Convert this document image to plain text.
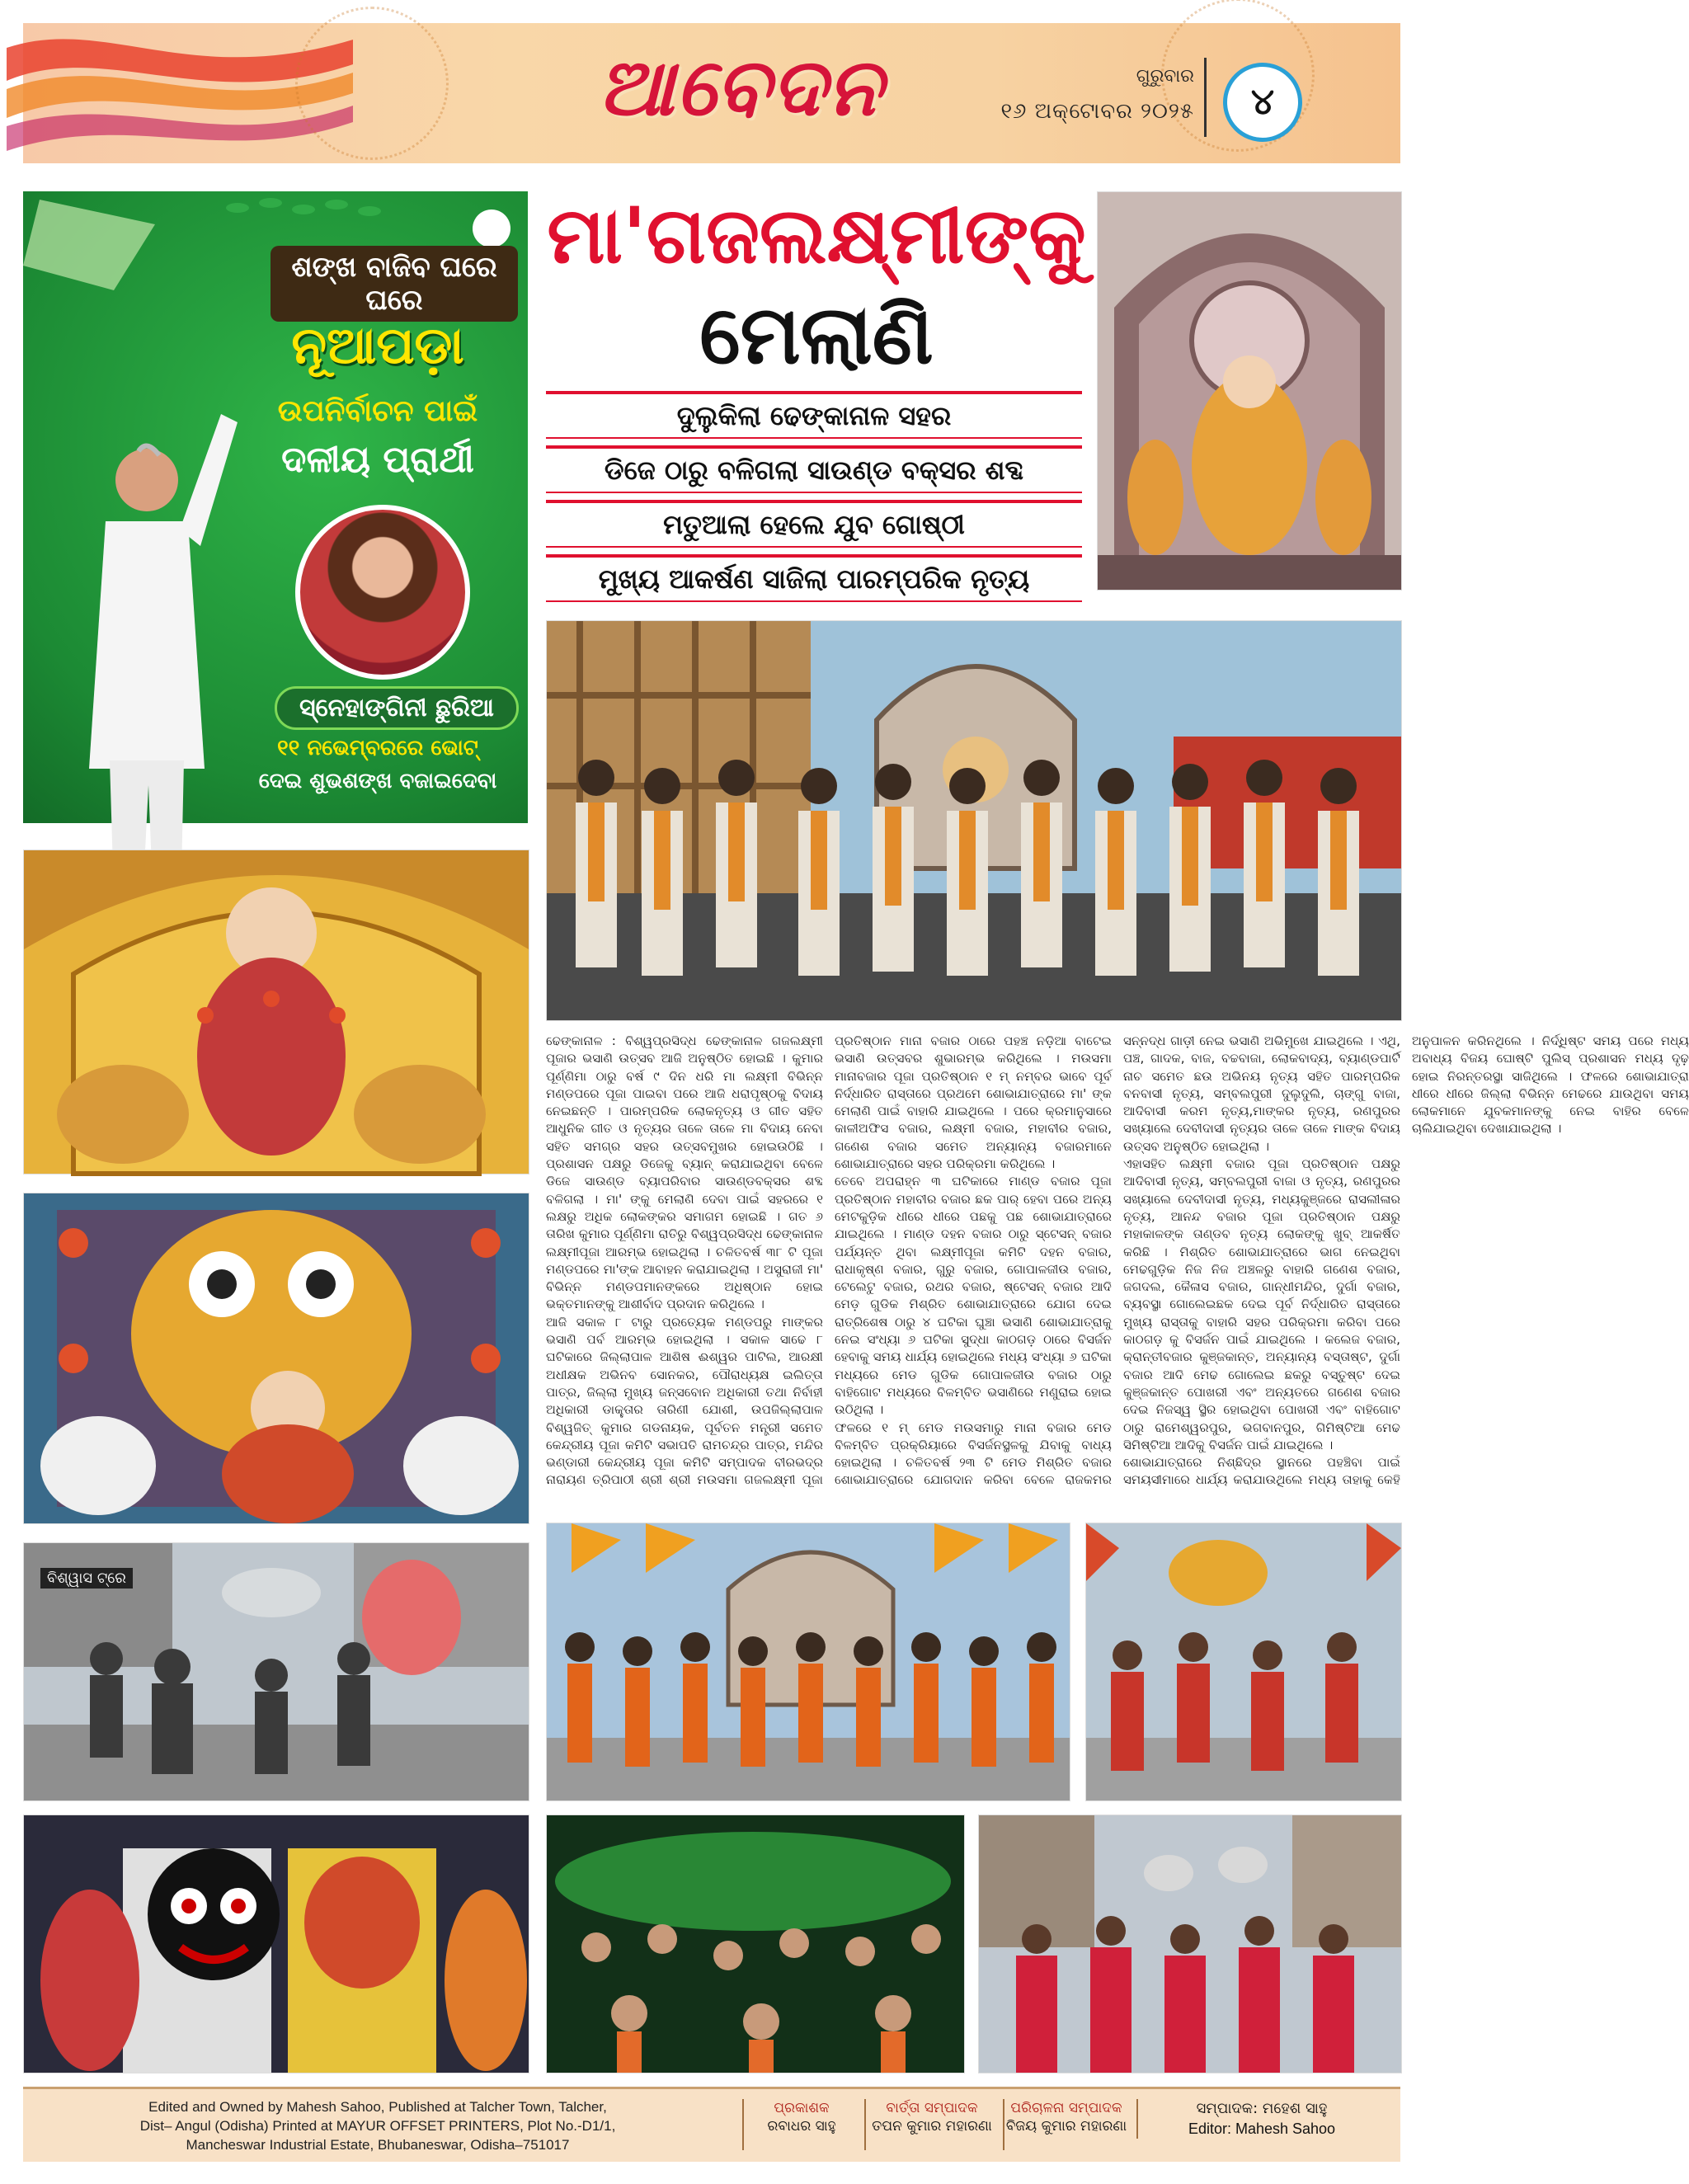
ଆବେଦନ	ଗୁରୁବାର
୧୬ ଅକ୍ଟୋବର ୨୦୨୫	୪
ଶଙ୍ଖ ବାଜିବ ଘରେ ଘରେ
ନୂଆପଡ଼ା
ଉପନିର୍ବାଚନ ପାଇଁ
ଦଳୀୟ ପ୍ରାର୍ଥୀ
ସ୍ନେହାଙ୍ଗିନୀ ଛୁରିଆ
୧୧ ନଭେମ୍ବରରେ ଭୋଟ୍
ଦେଇ ଶୁଭଶଙ୍ଖ ବଜାଇଦେବା
ମା'ଗଜଲକ୍ଷ୍ମୀଙ୍କୁ
ମେଲାଣି
ଦୁଲୁକିଲା ଢେଙ୍କାନାଳ ସହର
ଡିଜେ ଠାରୁ ବଳିଗଲା ସାଉଣ୍ଡ ବକ୍ସର ଶବ୍ଦ
ମତୁଆଲା ହେଲେ ଯୁବ ଗୋଷ୍ଠୀ
ମୁଖ୍ୟ ଆକର୍ଷଣ ସାଜିଲା ପାରମ୍ପରିକ ନୃତ୍ୟ
ବିଶ୍ୱାସ ଟ୍ରେ

ଢେଙ୍କାନାଳ : ବିଶ୍ୱପ୍ରସିଦ୍ଧ ଢେଙ୍କାନାଳ ଗଜଲକ୍ଷ୍ମୀ ପୂଜାର ଭସାଣି ଉତ୍ସବ ଆଜି ଅନୁଷ୍ଠିତ ହୋଇଛି । କୁମାର ପୂର୍ଣ୍ଣିମା ଠାରୁ ବର୍ଷ ୯ ଦିନ ଧରି ମା ଲକ୍ଷ୍ମୀ ବିଭିନ୍ନ ମଣ୍ଡପରେ ପୂଜା ପାଇବା ପରେ ଆଜି ଧରାପୃଷ୍ଠକୁ ବିଦାୟ ନେଇଛନ୍ତି । ପାରମ୍ପରିକ ଲୋକନୃତ୍ୟ ଓ ଗୀତ ସହିତ ଆଧୁନିକ ଗୀତ ଓ ନୃତ୍ୟର ତାଳେ ତାଳେ ମା ବିଦାୟ ନେବା ସହିତ ସମଗ୍ର ସହର ଉତ୍ସବମୁଖର ହୋଇଉଠିଛି । ପ୍ରଶାସନ ପକ୍ଷରୁ ଡିଜେକୁ ବ୍ୟାନ୍ କରାଯାଇଥିବା ବେଳେ ଡିଜେ ସାଉଣ୍ଡ ବ୍ୟାପରିବାର ସାଉଣ୍ଡବକ୍ସର ଶବ୍ଦ ବଳିଗଲା । ମା' ଙ୍କୁ ମେଲାଣି ଦେବା ପାଇଁ ସହରରେ ୧ ଲକ୍ଷରୁ ଅଧିକ ଲୋକଙ୍କର ସମାଗମ ହୋଇଛି । ଗତ ୬ ତାରିଖ କୁମାର ପୂର୍ଣ୍ଣିମା ରାତିରୁ ବିଶ୍ୱପ୍ରସିଦ୍ଧ ଢେଙ୍କାନାଳ ଲକ୍ଷ୍ମୀପୂଜା ଆରମ୍ଭ ହୋଇଥିଲା । ଚଳିତବର୍ଷ ୩୮ ଟି ପୂଜା ମଣ୍ଡପରେ ମା'ଙ୍କ ଆବାହନ କରାଯାଇଥିଲା । ଅସୁରାଜୀ ମା' ବିଭିନ୍ନ ମଣ୍ଡପମାନଙ୍କରେ ଅଧିଷ୍ଠାନ ହୋଇ ଭକ୍ତମାନଙ୍କୁ ଆଶୀର୍ବାଦ ପ୍ରଦାନ କରିଥିଲେ ।

ଆଜି ସକାଳ ୮ ଟାରୁ ପ୍ରତ୍ୟେକ ମଣ୍ଡପରୁ ମାଙ୍କର ଭସାଣି ପର୍ବ ଆରମ୍ଭ ହୋଇଥିଲା । ସକାଳ ସାଢେ ୮ ଘଟିକାରେ ଜିଲ୍ଲାପାଳ ଆଶିଷ ଈଶ୍ୱର ପାଟିଲ, ଆରକ୍ଷୀ ଅଧୀକ୍ଷକ ଅଭିନବ ସୋନକର, ପୌରାଧ୍ୟକ୍ଷ ଇଲିତ୍ତା ପାତ୍ର, ଜିଲ୍ଲା ମୁଖ୍ୟ ଜନ୍ସବୋନ ଅଧିକାରୀ ତଥା ନିର୍ବାହୀ ଅଧିକାରୀ ଡାକ୍ତ୍ତାର ତାରିଣୀ ଯୋଶୀ, ଉପଜିଲ୍ଲାପାଳ ବିଶ୍ୱଜିତ୍ କୁମାର ଗଡନାୟକ, ପୂର୍ବତନ ମନ୍ତ୍ରୀ ସମେତ କେନ୍ଦ୍ରୀୟ ପୂଜା କମିଟି ସଭାପତି ରାମଚନ୍ଦ୍ର ପାତ୍ର, ମନ୍ଦିର ଭଣ୍ଡାରୀ କେନ୍ଦ୍ରୀୟ ପୂଜା କମିଟି ସମ୍ପାଦକ ବୀରଭଦ୍ର ନାରାୟଣ ତ୍ରିପାଠୀ ଶ୍ରୀ ଶ୍ରୀ ମଉସମା ଗଜଲକ୍ଷ୍ମୀ ପୂଜା ପ୍ରତିଷ୍ଠାନ ମାନା ବଜାର ଠାରେ ପହଞ୍ଚ ନଡ଼ିଆ ବାଟେଇ ଭସାଣି ଉତ୍ସବର ଶୁଭାରମ୍ଭ କରିଥିଲେ । ମଉସମା ମାନାବଜାର ପୂଜା ପ୍ରତିଷ୍ଠାନ ୧ ମ୍ ନମ୍ବର ଭାବେ ପୂର୍ବ ନିର୍ଦ୍ଧାରିତ ରାସ୍ତାରେ ପ୍ରଥମେ ଶୋଭାଯାତ୍ରାରେ ମା' ଙ୍କ ମେଲାଣି ପାଇଁ ବାହାରି ଯାଇଥିଲେ । ପରେ କ୍ରମାନୁସାରେ କାଳୀଅଫିସ ବଜାର, ଲକ୍ଷ୍ମୀ ବଜାର, ମହାବୀର ବଜାର, ଗଣେଶ ବଜାର ସମେତ ଅନ୍ୟାନ୍ୟ ବଜାରମାନେ ଶୋଭାଯାତ୍ରାରେ ସହର ପରିକ୍ରମା କରିଥିଲେ ।

ତେବେ ଅପରାହ୍ନ ୩ ଘଟିକାରେ ମାଣ୍ଡ ବଜାର ପୂଜା ପ୍ରତିଷ୍ଠାନ ମହାବୀର ବଜାର ଛକ ପାର୍ ହେବା ପରେ ଅନ୍ୟ ମେଟକୁଡ଼ିକ ଧୀରେ ଧୀରେ ପଛକୁ ପଛ ଶୋଭାଯାତ୍ରାରେ ଯାଇଥିଲେ । ମାଣ୍ଡ ଦହନ ବଜାର ଠାରୁ ସ୍ଟେସନ୍ ବଜାର ପର୍ଯ୍ୟନ୍ତ ଥିବା ଲକ୍ଷ୍ମୀପୂଜା କମିଟି ଦହନ ବଜାର, ରାଧାକୃଷ୍ଣ ବଜାର, ଗୁରୁ ବଜାର, ଗୋପାଳଜୀଉ ବଜାର, ଟେଲେଟୁ ବଜାର, ରଥର ବଜାର, ଷ୍ଟେସନ୍ ବଜାର ଆଦି ମେଡ଼ ଗୁଡିକ ମିଶ୍ରିତ ଶୋଭାଯାତ୍ରାରେ ଯୋଗ ଦେଇ ରାତ୍ରିଶେଷ ଠାରୁ ୪ ଘଟିକା ଘୁଞ୍ଚା ଭସାଣି ଶୋଭାଯାତ୍ରାକୁ ନେଇ ସଂଧ୍ୟା ୬ ଘଟିକା ସୁଦ୍ଧା କାଠଗଡ଼ ଠାରେ ବିସର୍ଜନ ହେବାକୁ ସମୟ ଧାର୍ଯ୍ୟ ହୋଇଥିଲେ ମଧ୍ୟ ସଂଧ୍ୟା ୬ ଘଟିକା ମଧ୍ୟରେ ମେଡ ଗୁଡିକ ଗୋପାଳଜୀଉ ବଜାର ଠାରୁ ବାହିଗୋଟ ମଧ୍ୟରେ ବିଳମ୍ବିତ ଭସାଣିରେ ମଣୁରାଇ ହୋଇ ଉଠିଥିଲା ।

ଫଳରେ ୧ ମ୍ ମେଡ ମଉସମାରୁ ମାନା ବଜାର ମେଡ ବିଳମ୍ବିତ ପ୍ରକ୍ରିୟାରେ ବିସର୍ଜନସ୍ଥଳକୁ ଯିବାକୁ ବାଧ୍ୟ ହୋଇଥିଲା । ଚଳିତବର୍ଷ ୨୩ ଟି ମେଡ ମିଶ୍ରିତ ବଜାର ଶୋଭାଯାତ୍ରାରେ ଯୋଗଦାନ କରିବା ବେଳେ ରାଜକମର ସନ୍ନଦ୍ଧ ଗାଡ଼ୀ ନେଇ ଭସାଣି ଅଭିମୁଖେ ଯାଇଥିଲେ । ଏଥି, ପଞ୍ଚ, ଗାଦକ, ବାଜ, ବଚ୍ଚବାଜା, ଲୋକବାଦ୍ୟ, ବ୍ୟାଣ୍ଡପାର୍ଟି ନାଚ ସମେତ ଛଉ ଅଭିନୟ ନୃତ୍ୟ ସହିତ ପାରମ୍ପରିକ ବନବାସୀ ନୃତ୍ୟ, ସମ୍ବଲପୁରୀ ଦୁଲୁଦୁଲି, ଚାଙ୍ଗୁ ବାଜା, ଆଦିବାସୀ କରମ ନୃତ୍ୟ,ମାଙ୍କର ନୃତ୍ୟ, ରଣପୁରର ସଖ୍ୟାଲେ ଦେବୀଦାସୀ ନୃତ୍ୟର ତାଳେ ତାଳେ ମାଙ୍କ ବିଦାୟ ଉତ୍ସବ ଅନୁଷ୍ଠିତ ହୋଇଥିଲା ।

ଏହାସହିତ ଲକ୍ଷ୍ମୀ ବଜାର ପୂଜା ପ୍ରତିଷ୍ଠାନ ପକ୍ଷରୁ ଆଦିବାସୀ ନୃତ୍ୟ, ସମ୍ବଲପୁରୀ ବାଜା ଓ ନୃତ୍ୟ, ରଣପୁରର ସଖ୍ୟାଲେ ଦେବୀଦାସୀ ନୃତ୍ୟ, ମଧ୍ୟକୁଞ୍ଜରେ ରାସଲୀଳାର ନୃତ୍ୟ, ଆନନ୍ଦ ବଜାର ପୂଜା ପ୍ରତିଷ୍ଠାନ ପକ୍ଷରୁ ମହାକାଳଙ୍କ ତାଣ୍ଡବ ନୃତ୍ୟ ଲୋକଙ୍କୁ ଖୁବ୍ ଆକର୍ଷିତ କରିଛି । ମିଶ୍ରିତ ଶୋଭାଯାତ୍ରାରେ ଭାଗ ନେଇଥିବା ମେଢଗୁଡ଼ିକ ନିଜ ନିଜ ଅଞ୍ଚଳରୁ ବାହାରି ଗଣେଶ ବଜାର, ଜଗଦଲ, କୈଳାସ ବଜାର, ଗାନ୍ଧୀମନ୍ଦିର, ଦୁର୍ଗା ବଜାର, ବ୍ୟବସ୍ଥା ଗୋଲେଇଛକ ଦେଇ ପୂର୍ବ ନିର୍ଦ୍ଧାରିତ ରାସ୍ତାରେ ମୁଖ୍ୟ ରାସ୍ତାକୁ ବାହାରି ସହର ପରିକ୍ରମା କରିବା ପରେ କାଠଗଡ଼ କୁ ବିସର୍ଜନ ପାଇଁ ଯାଇଥିଲେ । କଲେଜ ବଜାର, କ୍ରାନ୍ତୀବଜାର କୁଞ୍ଜକାନ୍ତ, ଅନ୍ୟାନ୍ୟ ବସ୍ତାଷ୍ଟ, ଦୁର୍ଗା ବଜାର ଆଦି ମେଢ ଗୋଲେଇ ଛକରୁ ବସ୍ତୁଷ୍ଟ ଦେଇ କୁଞ୍ଜକାନ୍ତ ପୋଖରୀ ଏବଂ ଅନ୍ୟତରେ ଗଣେଶ ବଜାର ଦେଇ ନିଜସ୍ୱ ସ୍ଥିର ହୋଇଥିବା ପୋଖରୀ ଏବଂ ବାହିଗୋଟ ଠାରୁ ରାମେଶ୍ୱରପୁର, ଭଗବାନପୁର, ଗିମିଷ୍ଟିଆ ମେଢ ସିମିଷ୍ଟିଆ ଆଦିକୁ ବିସର୍ଜନ ପାଇଁ ଯାଇଥିଲେ ।

ଶୋଭାଯାତ୍ରାରେ ନିଶ୍ଛିଦ୍ର ସ୍ଥାନରେ ପହଞ୍ଚିବା ପାଇଁ ସମୟସୀମାରେ ଧାର୍ଯ୍ୟ କରାଯାଉଥିଲେ ମଧ୍ୟ ତାହାକୁ କେହି ଅନୁପାଳନ କରିନଥିଲେ । ନିର୍ଦ୍ଧିଷ୍ଟ ସମୟ ପରେ ମଧ୍ୟ ଅବାଧ୍ୟ ବିଜୟ ଘୋଷ୍ଟି ପୁଲିସ୍ ପ୍ରଶାସନ ମଧ୍ୟ ଦୃଢ଼ ହୋଇ ନିରନ୍ତରସ୍ଥା ସାଜିଥିଲେ । ଫଳରେ ଶୋଭାଯାତ୍ରା ଧୀରେ ଧୀରେ ଜିଲ୍ଲା ବିଭିନ୍ନ ମେଢରେ ଯାଉଥିବା ସମୟ ଲୋକମାନେ ଯୁବକମାନଙ୍କୁ ନେଇ ବାହିର ବେଳେ ଚାଲିଯାଇଥିବା ଦେଖାଯାଇଥିଲା ।

Edited and Owned by Mahesh Sahoo, Published at Talcher Town, Talcher,
Dist– Angul (Odisha) Printed at MAYUR OFFSET PRINTERS, Plot No.-D1/1,
Mancheswar Industrial Estate, Bhubaneswar, Odisha–751017
ପ୍ରକାଶକ
ରବାଧର ସାହୁ
ବାର୍ତ୍ତା ସମ୍ପାଦକ
ତପନ କୁମାର ମହାରଣା
ପରିଚାଳନା ସମ୍ପାଦକ
ବିଜୟ କୁମାର ମହାରଣା
ସମ୍ପାଦକ: ମହେଶ ସାହୁ
Editor: Mahesh Sahoo
